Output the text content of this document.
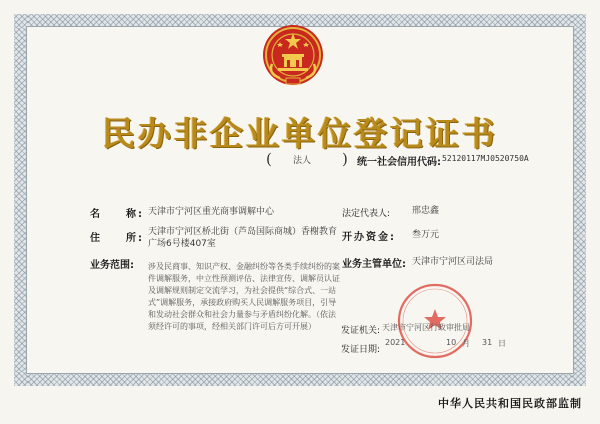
民办非企业单位登记证书
( 法人 ) 统一社会信用代码: 52120117MJ0520750A
名　　称: 天津市宁河区重光商事调解中心
住　　所:
天津市宁河区桥北街（芦岛国际商城）香榭教育
广场6号楼407室
业务范围: 涉及民商事、知识产权、金融纠纷等各类手续纠纷的案件调解服务，中立性预测评估、法律宣传、调解员认证及调解规则制定交流学习，为社会提供“综合式、一站式”调解服务，承接政府购买人民调解服务项目，引导和发动社会群众和社会力量参与矛盾纠纷化解。（依法须经许可的事项，经相关部门许可后方可开展）
法定代表人: 邢忠鑫
开办资金: 叁万元
业务主管单位: 天津市宁河区司法局
发证机关: 天津市宁河区行政审批局
发证日期:
2021	10 月 31 日
中华人民共和国民政部监制
